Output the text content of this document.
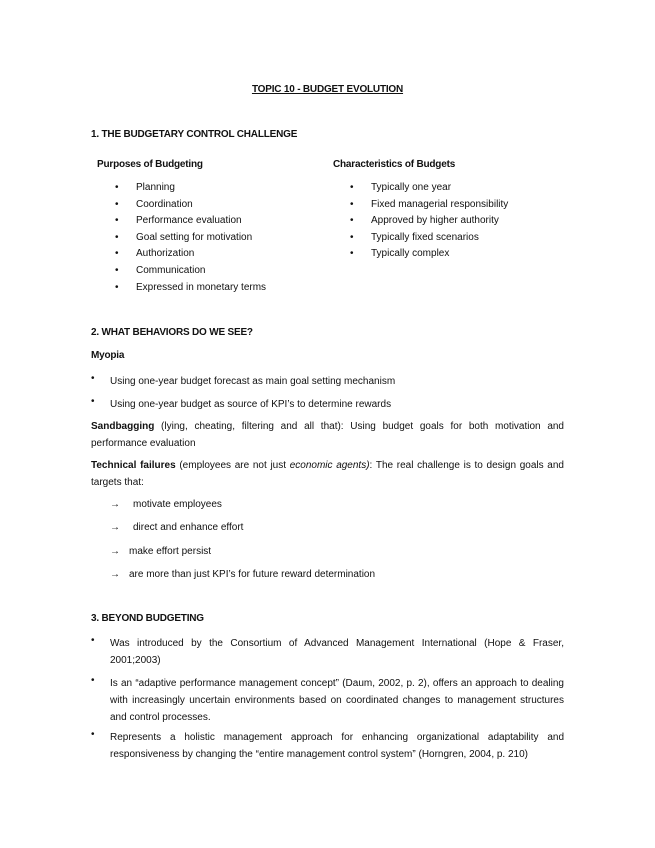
TOPIC 10 - BUDGET EVOLUTION
1. THE BUDGETARY CONTROL CHALLENGE
Purposes of Budgeting
• Planning
• Coordination
• Performance evaluation
• Goal setting for motivation
• Authorization
• Communication
• Expressed in monetary terms
Characteristics of Budgets
• Typically one year
• Fixed managerial responsibility
• Approved by higher authority
• Typically fixed scenarios
• Typically complex
2. WHAT BEHAVIORS DO WE SEE?
Myopia
• Using one-year budget forecast as main goal setting mechanism
• Using one-year budget as source of KPI’s to determine rewards
Sandbagging (lying, cheating, filtering and all that): Using budget goals for both motivation and performance evaluation
Technical failures (employees are not just economic agents): The real challenge is to design goals and targets that:
→ motivate employees
→ direct and enhance effort
→ make effort persist
→ are more than just KPI’s for future reward determination
3. BEYOND BUDGETING
• Was introduced by the Consortium of Advanced Management International (Hope & Fraser, 2001;2003)
• Is an “adaptive performance management concept” (Daum, 2002, p. 2), offers an approach to dealing with increasingly uncertain environments based on coordinated changes to management structures and control processes.
• Represents a holistic management approach for enhancing organizational adaptability and responsiveness by changing the “entire management control system” (Horngren, 2004, p. 210)
